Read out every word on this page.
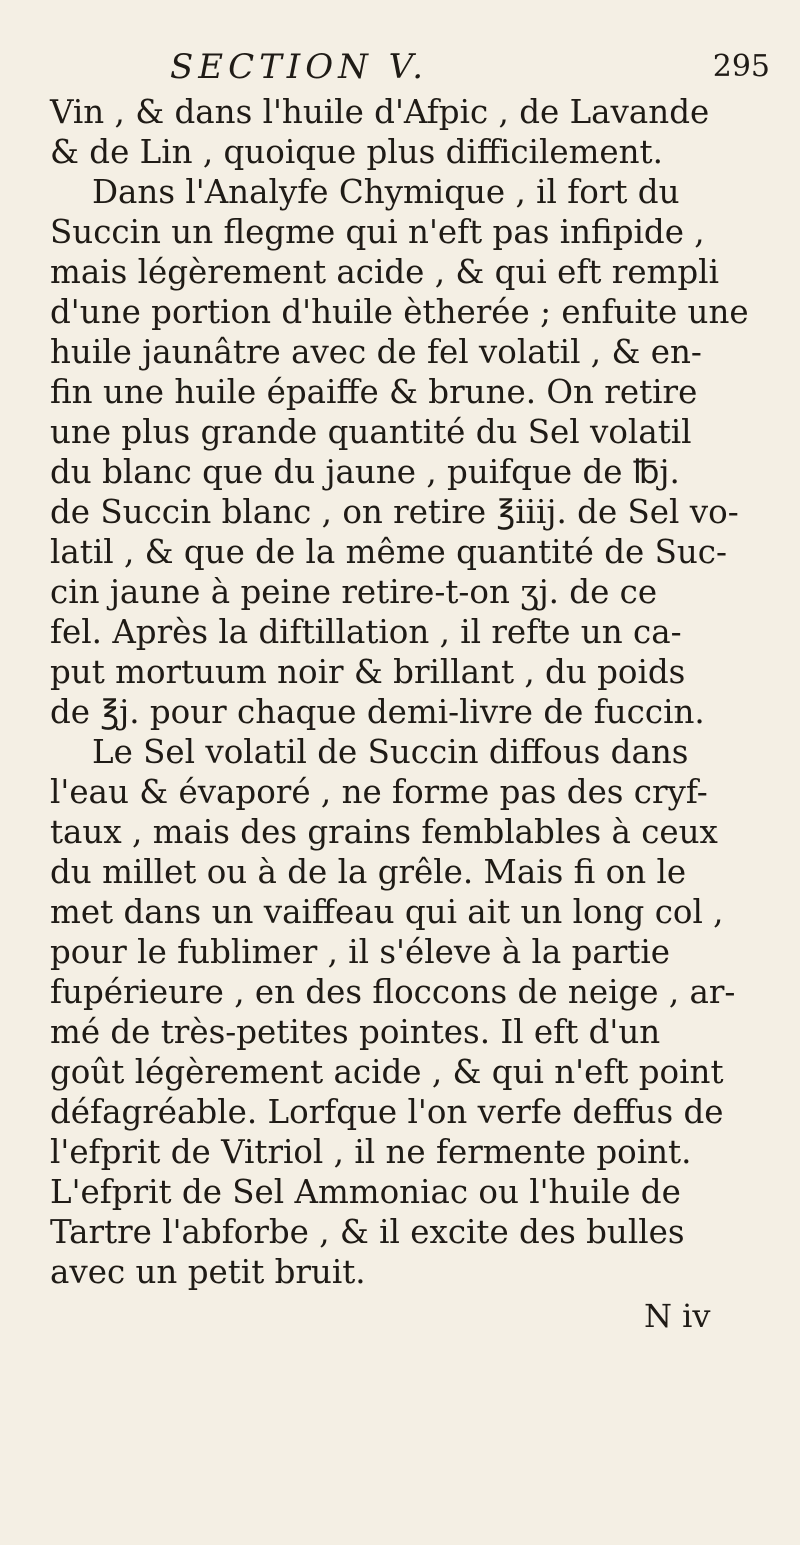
SECTION V.	295
Vin , & dans l'huile d'Afpic , de Lavande
& de Lin , quoique plus difficilement.
Dans l'Analyfe Chymique , il fort du
Succin un flegme qui n'eft pas infipide ,
mais légèrement acide , & qui eft rempli
d'une portion d'huile ètherée ; enfuite une
huile jaunâtre avec de fel volatil , & en-
fin une huile épaiffe & brune. On retire
une plus grande quantité du Sel volatil
du blanc que du jaune , puifque de ℔j.
de Succin blanc , on retire ℥iiij. de Sel vo-
latil , & que de la même quantité de Suc-
cin jaune à peine retire-t-on ʒj. de ce
fel. Après la diftillation , il refte un ca-
put mortuum noir & brillant , du poids
de ℥j. pour chaque demi-livre de fuccin.
Le Sel volatil de Succin diffous dans
l'eau & évaporé , ne forme pas des cryf-
taux , mais des grains femblables à ceux
du millet ou à de la grêle. Mais fi on le
met dans un vaiffeau qui ait un long col ,
pour le fublimer , il s'éleve à la partie
fupérieure , en des floccons de neige , ar-
mé de très-petites pointes. Il eft d'un
goût légèrement acide , & qui n'eft point
défagréable. Lorfque l'on verfe deffus de
l'efprit de Vitriol , il ne fermente point.
L'efprit de Sel Ammoniac ou l'huile de
Tartre l'abforbe , & il excite des bulles
avec un petit bruit.
N iv
